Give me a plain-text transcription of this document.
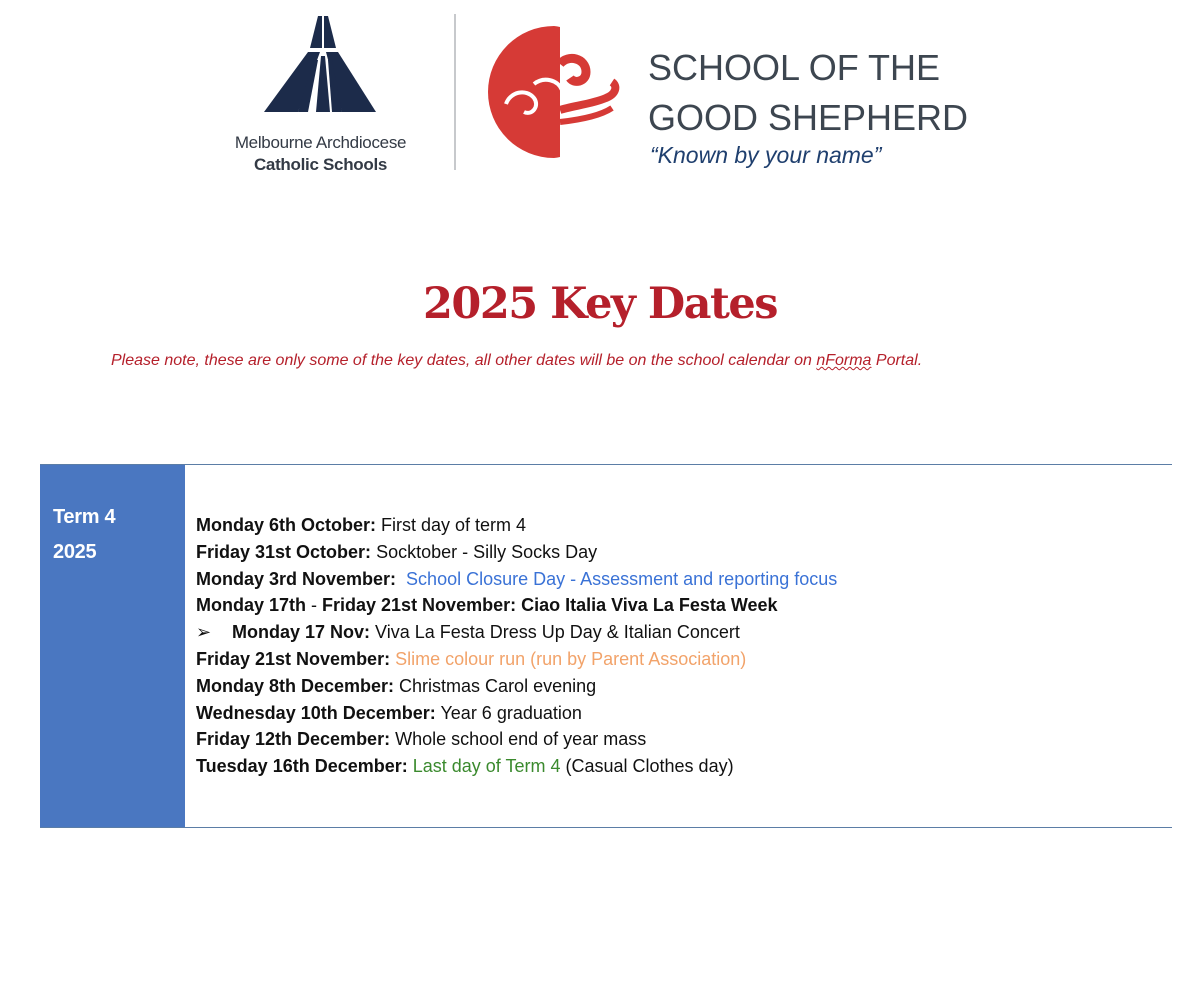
Melbourne Archdiocese
Catholic Schools
SCHOOL OF THE
GOOD SHEPHERD
“Known by your name”
2025 Key Dates
Please note, these are only some of the key dates, all other dates will be on the school calendar on nForma Portal.
Term 4
2025
Monday 6th October: First day of term 4
Friday 31st October: Socktober - Silly Socks Day
Monday 3rd November:  School Closure Day - Assessment and reporting focus
Monday 17th - Friday 21st November: Ciao Italia Viva La Festa Week
➢ Monday 17 Nov: Viva La Festa Dress Up Day & Italian Concert
Friday 21st November: Slime colour run (run by Parent Association)
Monday 8th December: Christmas Carol evening
Wednesday 10th December: Year 6 graduation
Friday 12th December: Whole school end of year mass
Tuesday 16th December: Last day of Term 4 (Casual Clothes day)
